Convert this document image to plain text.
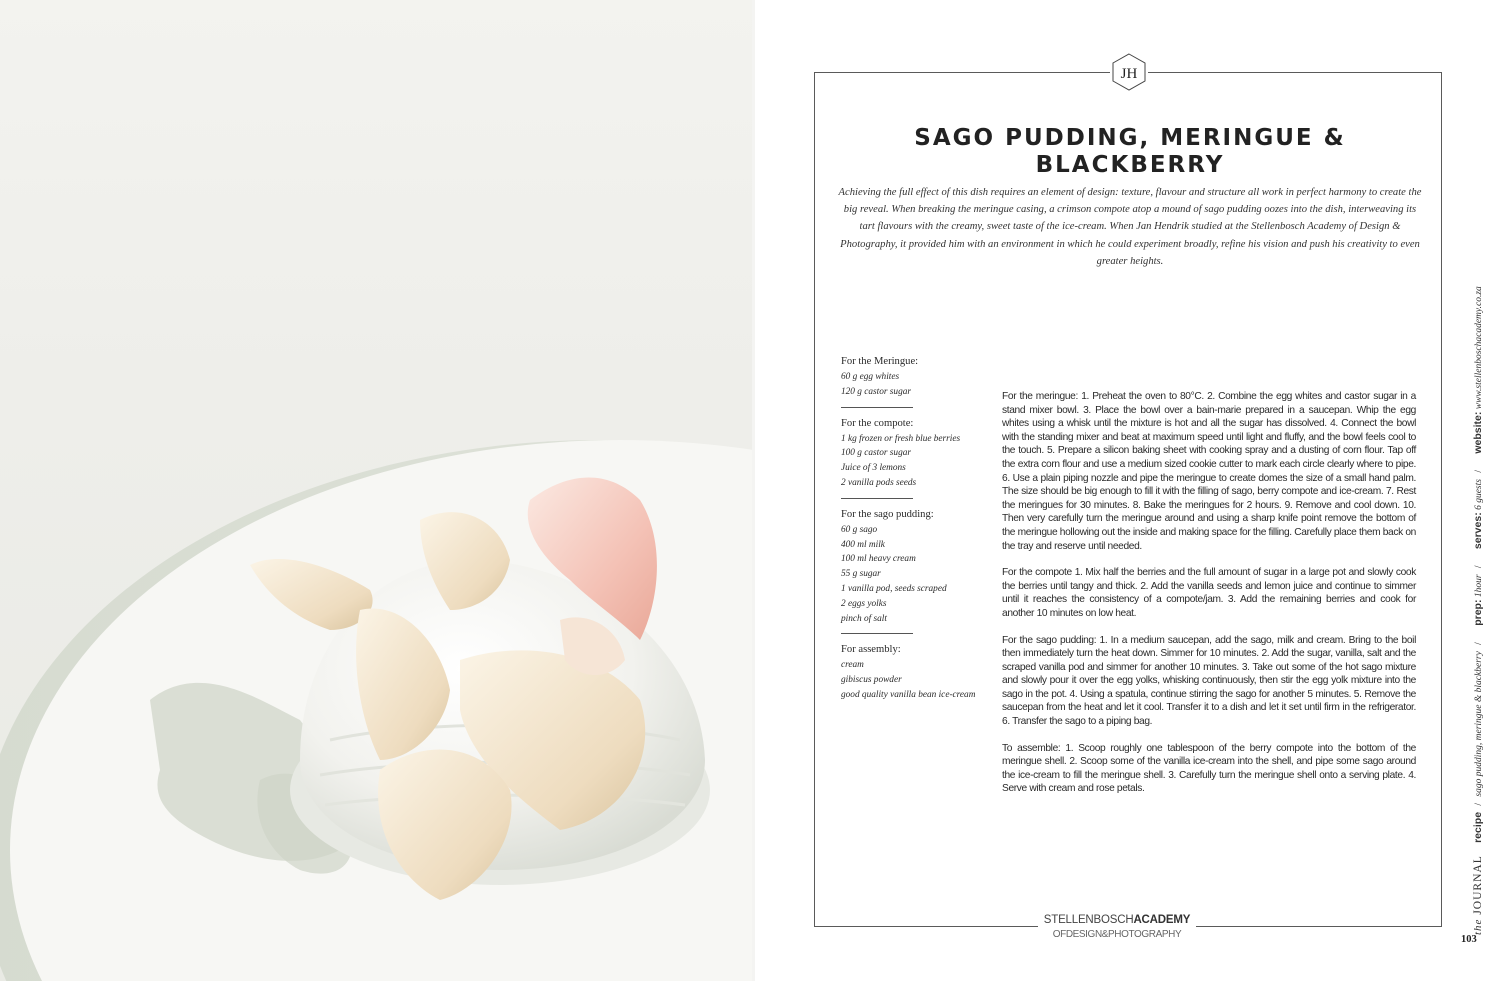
JH
SAGO PUDDING, MERINGUE & BLACKBERRY

Achieving the full effect of this dish requires an element of design: texture, flavour and structure all work in perfect harmony to create the big reveal. When breaking the meringue casing, a crimson compote atop a mound of sago pudding oozes into the dish, interweaving its tart flavours with the creamy, sweet taste of the ice-cream. When Jan Hendrik studied at the Stellenbosch Academy of Design & Photography, it provided him with an environment in which he could experiment broadly, refine his vision and push his creativity to even greater heights.

For the Meringue:

60 g egg whites

120 g castor sugar

For the compote:

1 kg frozen or fresh blue berries

100 g castor sugar

Juice of 3 lemons

2 vanilla pods seeds

For the sago pudding:

60 g sago

400 ml milk

100 ml heavy cream

55 g sugar

1 vanilla pod, seeds scraped

2 eggs yolks

pinch of salt

For assembly:

cream

gibiscus powder

good quality vanilla bean ice-cream

For the meringue: 1. Preheat the oven to 80°C. 2. Combine the egg whites and castor sugar in a stand mixer bowl. 3. Place the bowl over a bain-marie prepared in a saucepan. Whip the egg whites using a whisk until the mixture is hot and all the sugar has dissolved. 4. Connect the bowl with the standing mixer and beat at maximum speed until light and fluffy, and the bowl feels cool to the touch. 5. Prepare a silicon baking sheet with cooking spray and a dusting of corn flour. Tap off the extra corn flour and use a medium sized cookie cutter to mark each circle clearly where to pipe. 6. Use a plain piping nozzle and pipe the meringue to create domes the size of a small hand palm. The size should be big enough to fill it with the filling of sago, berry compote and ice-cream. 7. Rest the meringues for 30 minutes. 8. Bake the meringues for 2 hours. 9. Remove and cool down. 10. Then very carefully turn the meringue around and using a sharp knife point remove the bottom of the meringue hollowing out the inside and making space for the filling. Carefully place them back on the tray and reserve until needed.

For the compote 1. Mix half the berries and the full amount of sugar in a large pot and slowly cook the berries until tangy and thick. 2. Add the vanilla seeds and lemon juice and continue to simmer until it reaches the consistency of a compote/jam. 3. Add the remaining berries and cook for another 10 minutes on low heat.

For the sago pudding: 1. In a medium saucepan, add the sago, milk and cream. Bring to the boil then immediately turn the heat down. Simmer for 10 minutes. 2. Add the sugar, vanilla, salt and the scraped vanilla pod and simmer for another 10 minutes. 3. Take out some of the hot sago mixture and slowly pour it over the egg yolks, whisking continuously, then stir the egg yolk mixture into the sago in the pot. 4. Using a spatula, continue stirring the sago for another 5 minutes. 5. Remove the saucepan from the heat and let it cool. Transfer it to a dish and let it set until firm in the refrigerator. 6. Transfer the sago to a piping bag.

To assemble: 1. Scoop roughly one tablespoon of the berry compote into the bottom of the meringue shell. 2. Scoop some of the vanilla ice-cream into the shell, and pipe some sago around the ice-cream to fill the meringue shell. 3. Carefully turn the meringue shell onto a serving plate. 4. Serve with cream and rose petals.

STELLENBOSCHACADEMY
OFDESIGN&PHOTOGRAPHY	the JOURNAL recipe / sago pudding, meringue & blackberry / prep: 1hour / serves: 6 guests / website: www.stellenboschacademy.co.za
103
